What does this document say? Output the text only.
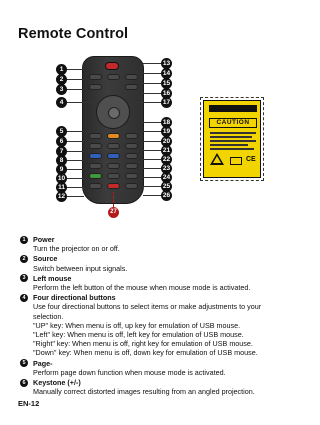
Remote Control
1
2
3
4
5
6
7
8
9
10
11
12
13
14
15
16
17
18
19
20
21
22
23
24
25
26
27
CAUTION
CE
1	Power
Turn the projector on or off.
2	Source
Switch between input signals.
3	Left mouse
Perform the left button of the mouse when mouse mode is activated.
4	Four directional buttons
Use four directional buttons to select items or make adjustments to your
selection.
"UP" key: When menu is off, up key for emulation of USB mouse.
"Left" key: When menu is off, left key for emulation of USB mouse.
"Right" key: When menu is off, right key for emulation of USB mouse.
"Down" key: When menu is off, down key for emulation of USB mouse.
5	Page-
Perform page down function when mouse mode is activated.
6	Keystone (+/-)
Manually correct distorted images resulting from an angled projection.
EN-12
